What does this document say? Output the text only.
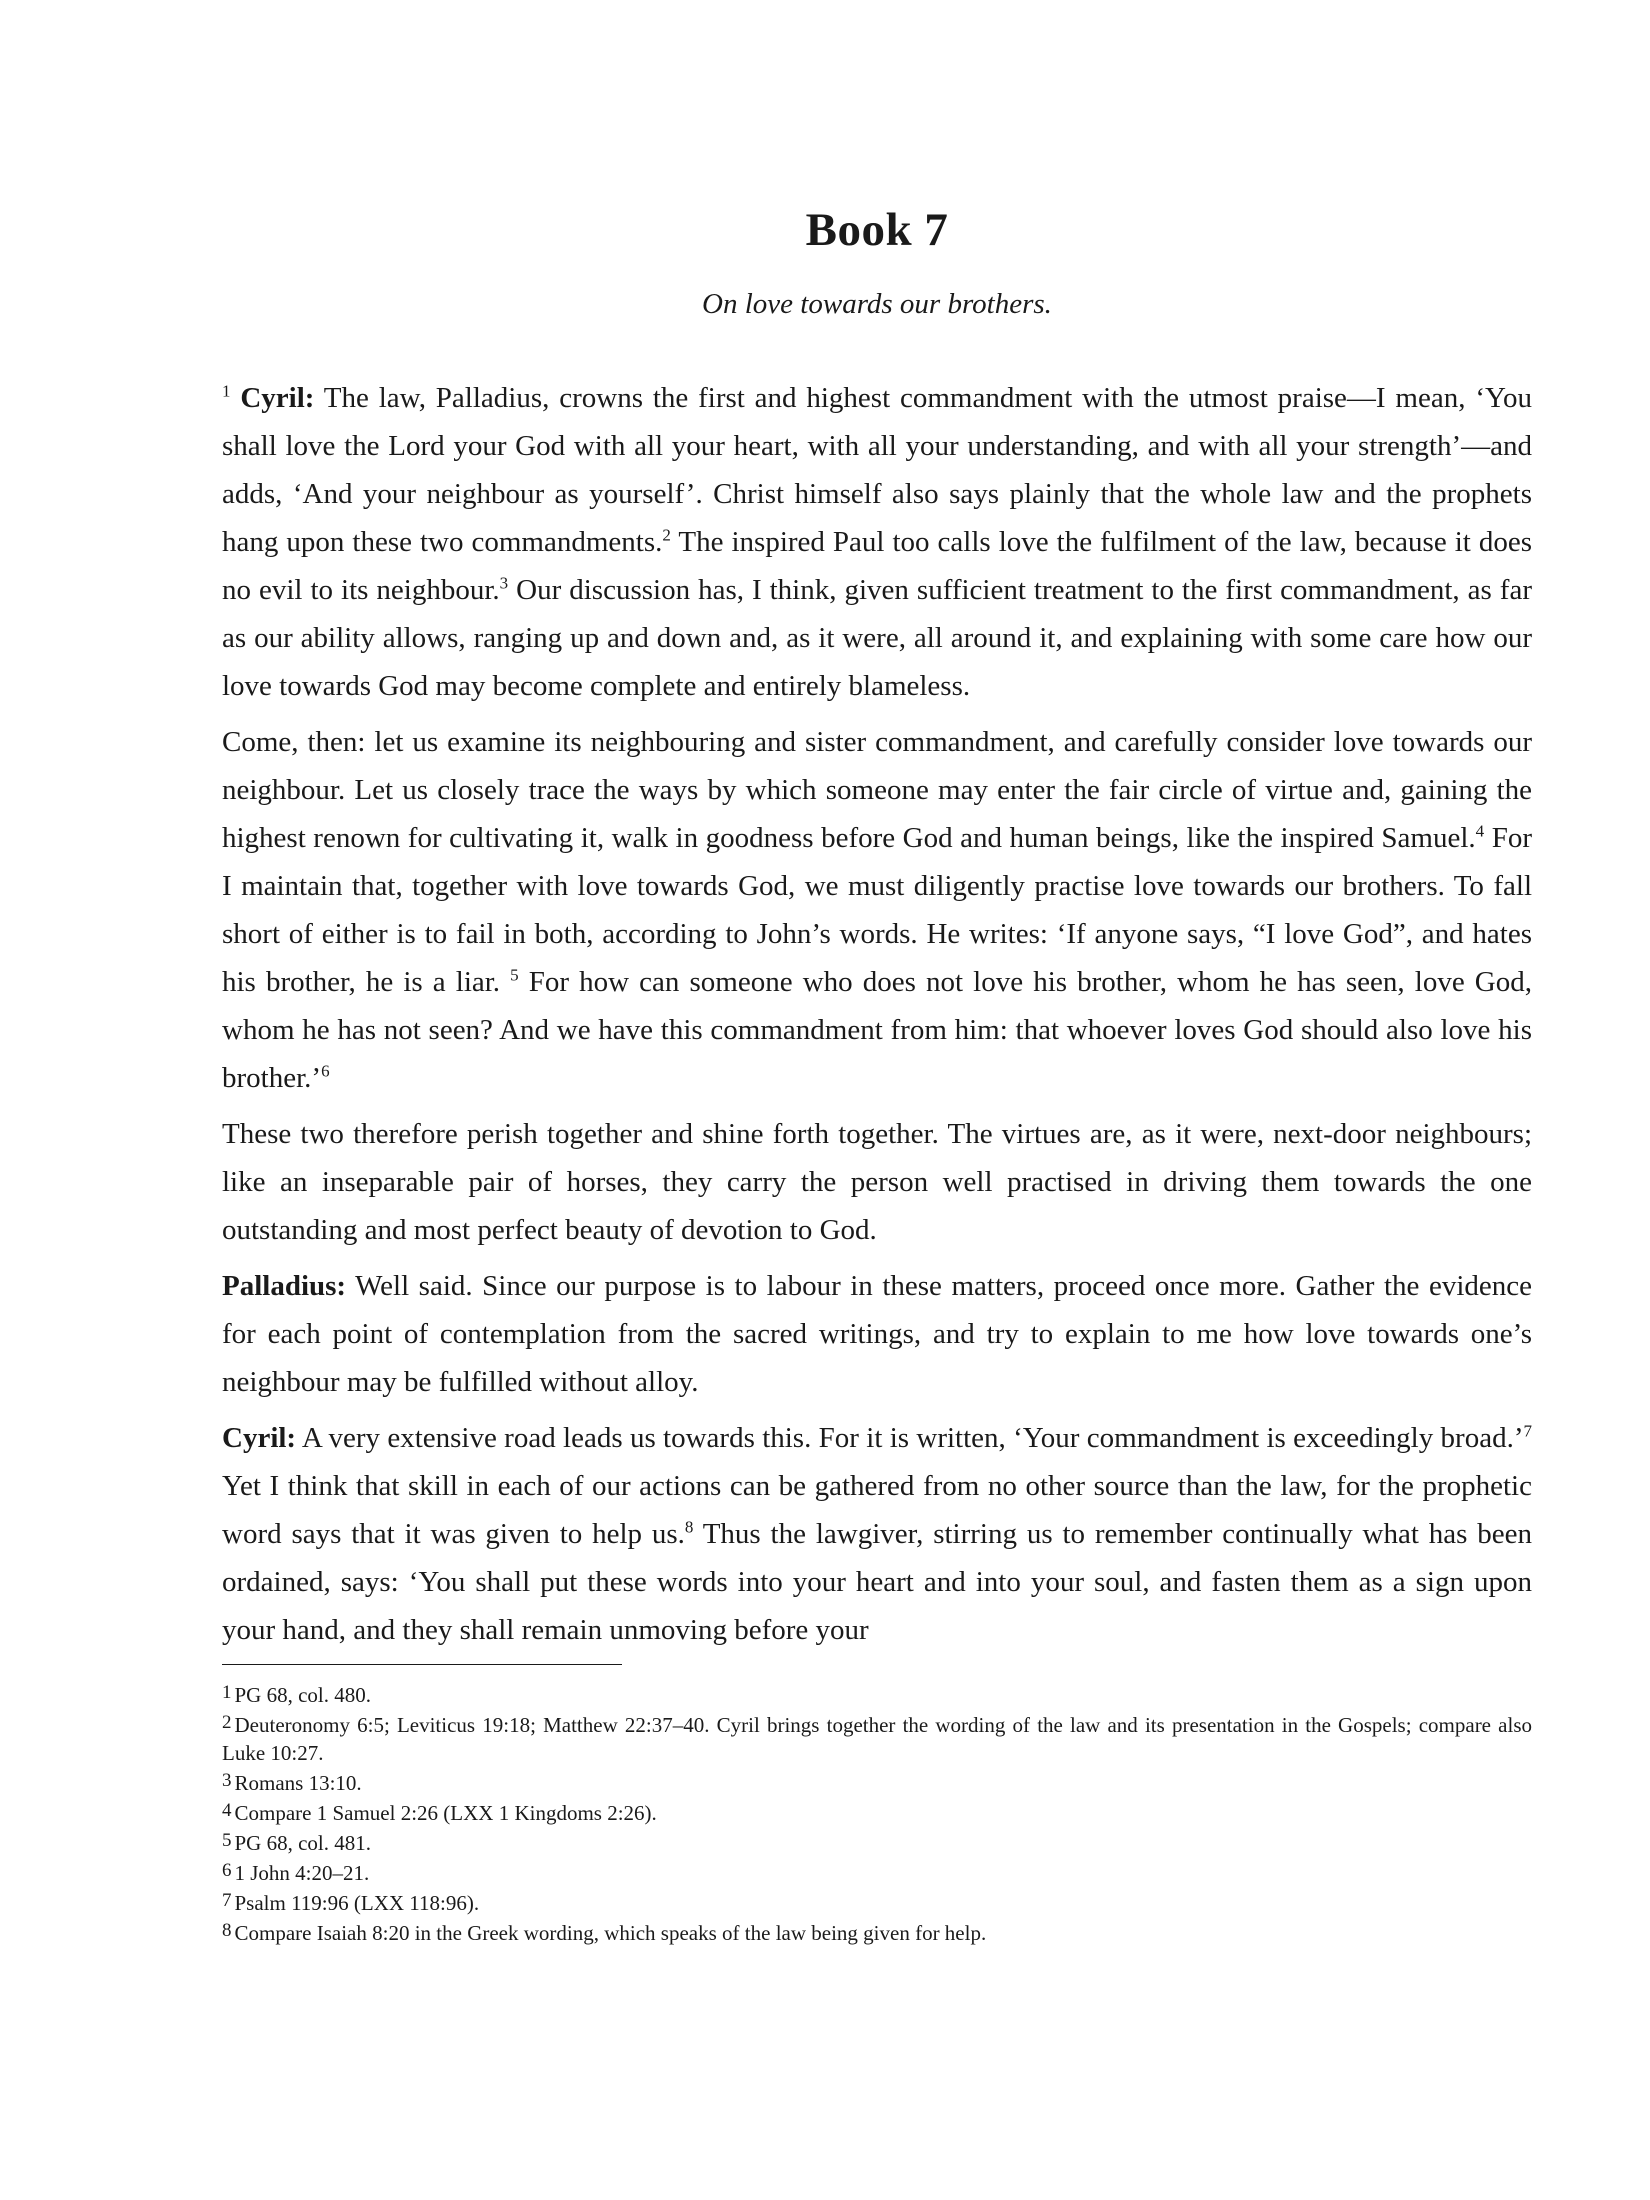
Book 7

On love towards our brothers.

$^1$ Cyril: The law, Palladius, crowns the first and highest commandment with the utmost praise—I mean, ‘You shall love the Lord your God with all your heart, with all your understanding, and with all your strength’—and adds, ‘And your neighbour as yourself’. Christ himself also says plainly that the whole law and the prophets hang upon these two commandments.$^2$ The inspired Paul too calls love the fulfilment of the law, because it does no evil to its neighbour.$^3$ Our discussion has, I think, given sufficient treatment to the first commandment, as far as our ability allows, ranging up and down and, as it were, all around it, and explaining with some care how our love towards God may become complete and entirely blameless.

Come, then: let us examine its neighbouring and sister commandment, and carefully consider love towards our neighbour. Let us closely trace the ways by which someone may enter the fair circle of virtue and, gaining the highest renown for cultivating it, walk in goodness before God and human beings, like the inspired Samuel.$^4$ For I maintain that, together with love towards God, we must diligently practise love towards our brothers. To fall short of either is to fail in both, according to John’s words. He writes: ‘If anyone says, “I love God”, and hates his brother, he is a liar. $^5$ For how can someone who does not love his brother, whom he has seen, love God, whom he has not seen? And we have this commandment from him: that whoever loves God should also love his brother.’$^6$

These two therefore perish together and shine forth together. The virtues are, as it were, next-door neighbours; like an inseparable pair of horses, they carry the person well practised in driving them towards the one outstanding and most perfect beauty of devotion to God.

Palladius: Well said. Since our purpose is to labour in these matters, proceed once more. Gather the evidence for each point of contemplation from the sacred writings, and try to explain to me how love towards one’s neighbour may be fulfilled without alloy.

Cyril: A very extensive road leads us towards this. For it is written, ‘Your commandment is exceedingly broad.’$^7$ Yet I think that skill in each of our actions can be gathered from no other source than the law, for the prophetic word says that it was given to help us.$^8$ Thus the lawgiver, stirring us to remember continually what has been ordained, says: ‘You shall put these words into your heart and into your soul, and fasten them as a sign upon your hand, and they shall remain unmoving before your

1 PG 68, col. 480.

2 Deuteronomy 6:5; Leviticus 19:18; Matthew 22:37–40. Cyril brings together the wording of the law and its presentation in the Gospels; compare also Luke 10:27.

3 Romans 13:10.

4 Compare 1 Samuel 2:26 (LXX 1 Kingdoms 2:26).

5 PG 68, col. 481.

6 1 John 4:20–21.

7 Psalm 119:96 (LXX 118:96).

8 Compare Isaiah 8:20 in the Greek wording, which speaks of the law being given for help.
